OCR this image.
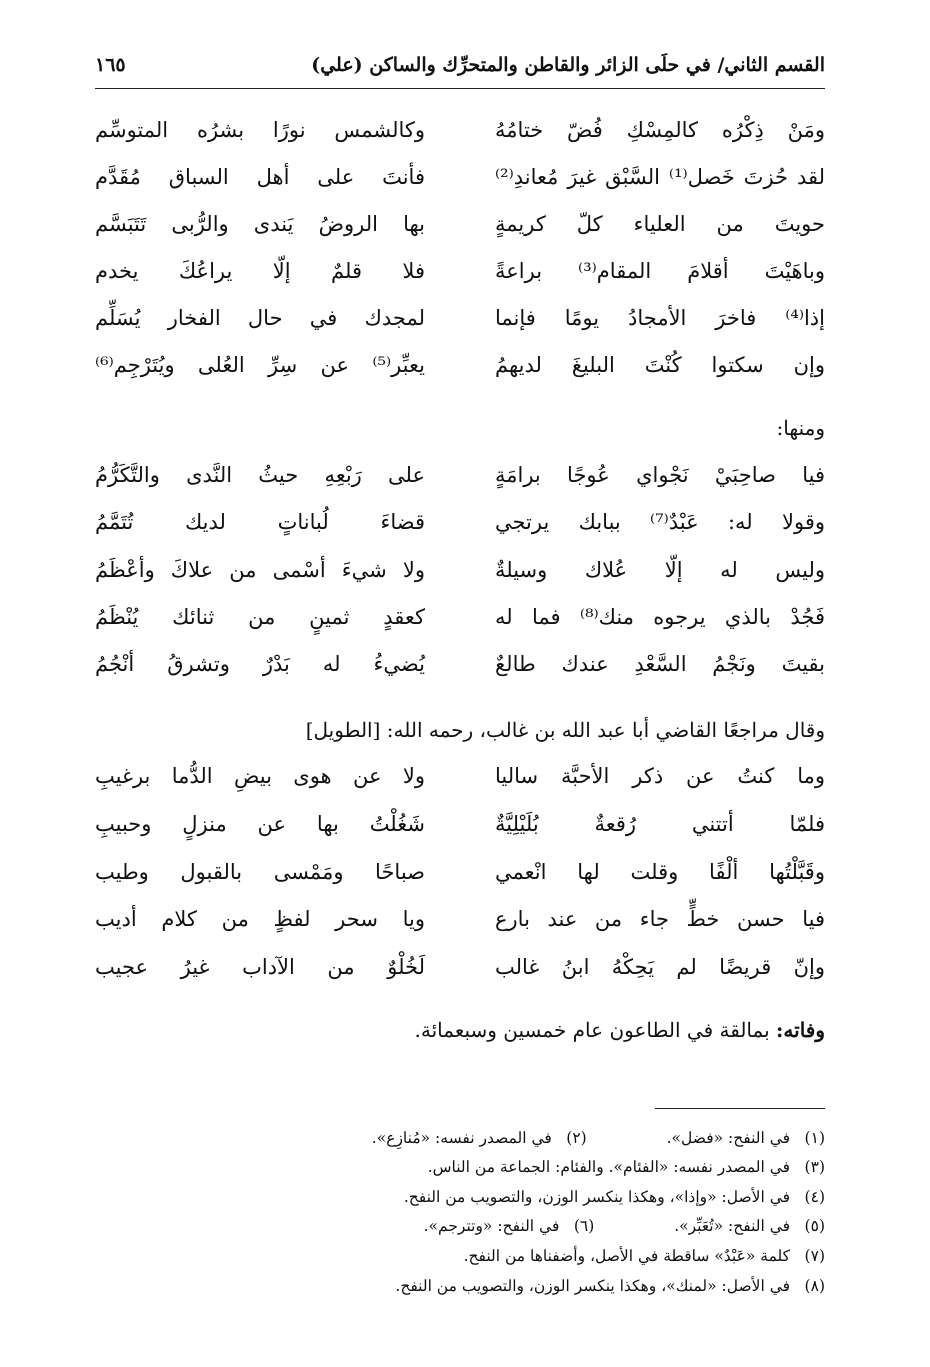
القسم الثاني/ في حلَى الزائر والقاطن والمتحرِّك والساكن (علي)
١٦٥
ومَنْ ذِكْرُه كالمِسْكِ فُضّ ختامُهُ
وكالشمس نورًا بشرُه المتوسِّم
لقد حُزتَ خَصل⁽¹⁾ السَّبْق غيرَ مُعاندِ⁽²⁾
فأنتَ على أهل السباق مُقَدَّم
حويتَ من العلياء كلّ كريمةٍ
بها الروضُ يَندى والرُّبى تَتَبَسَّم
وباهَيْتَ أقلامَ المقام⁽³⁾ براعةً
فلا قلمٌ إلّا يراعُكَ يخدم
إذا⁽⁴⁾ فاخرَ الأمجادُ يومًا فإنما
لمجدك في حال الفخار يُسَلِّم
وإن سكتوا كُنْتَ البليغَ لديهمُ
يعبِّر⁽⁵⁾ عن سِرِّ العُلى ويُتَرْجِم⁽⁶⁾
ومنها:
فيا صاحِبَيْ نَجْواي عُوجًا برامَةٍ
على رَبْعِهِ حيثُ النَّدى والتَّكَرُّمُ
وقولا له: عَبْدٌ⁽⁷⁾ ببابك يرتجي
قضاءَ لُباناتٍ لديك تُتَمَّمُ
وليس له إلّا عُلاك وسيلةٌ
ولا شيءَ أسْمى من علاكَ وأعْظَمُ
فَجُدْ بالذي يرجوه منك⁽⁸⁾ فما له
كعقدٍ ثمينٍ من ثنائك يُنْظَمُ
بقيتَ ونَجْمُ السَّعْدِ عندك طالعٌ
يُضيءُ له بَدْرٌ وتشرقُ أنْجُمُ
وقال مراجعًا القاضي أبا عبد الله بن غالب، رحمه الله: [الطويل]
وما كنتُ عن ذكر الأحبَّة ساليا
ولا عن هوى بيضِ الدُّما برغيبِ
فلمّا أتتني رُقعةٌ بُلَيْلِيَّةٌ
شَغُلْتُ بها عن منزلٍ وحبيبِ
وقَبَّلْتُها ألْفًا وقلت لها انْعمي
صباحًا ومَمْسى بالقبول وطيب
فيا حسن خطٍّ جاء من عند بارع
ويا سحر لفظٍ من كلام أديب
وإنّ قريضًا لم يَحِكْهُ ابنُ غالب
لَخُلْوٌ من الآداب غيرُ عجيب
وفاته: بمالقة في الطاعون عام خمسين وسبعمائة.
(١) في النفح: «فضل».  (٢) في المصدر نفسه: «مُنازِع».
(٣) في المصدر نفسه: «الفئام». والفئام: الجماعة من الناس.
(٤) في الأصل: «وإذا»، وهكذا ينكسر الوزن، والتصويب من النفح.
(٥) في النفح: «تُعَبِّر».  (٦) في النفح: «وتترجم».
(٧) كلمة «عَبْدٌ» ساقطة في الأصل، وأضفناها من النفح.
(٨) في الأصل: «لمنك»، وهكذا ينكسر الوزن، والتصويب من النفح.
